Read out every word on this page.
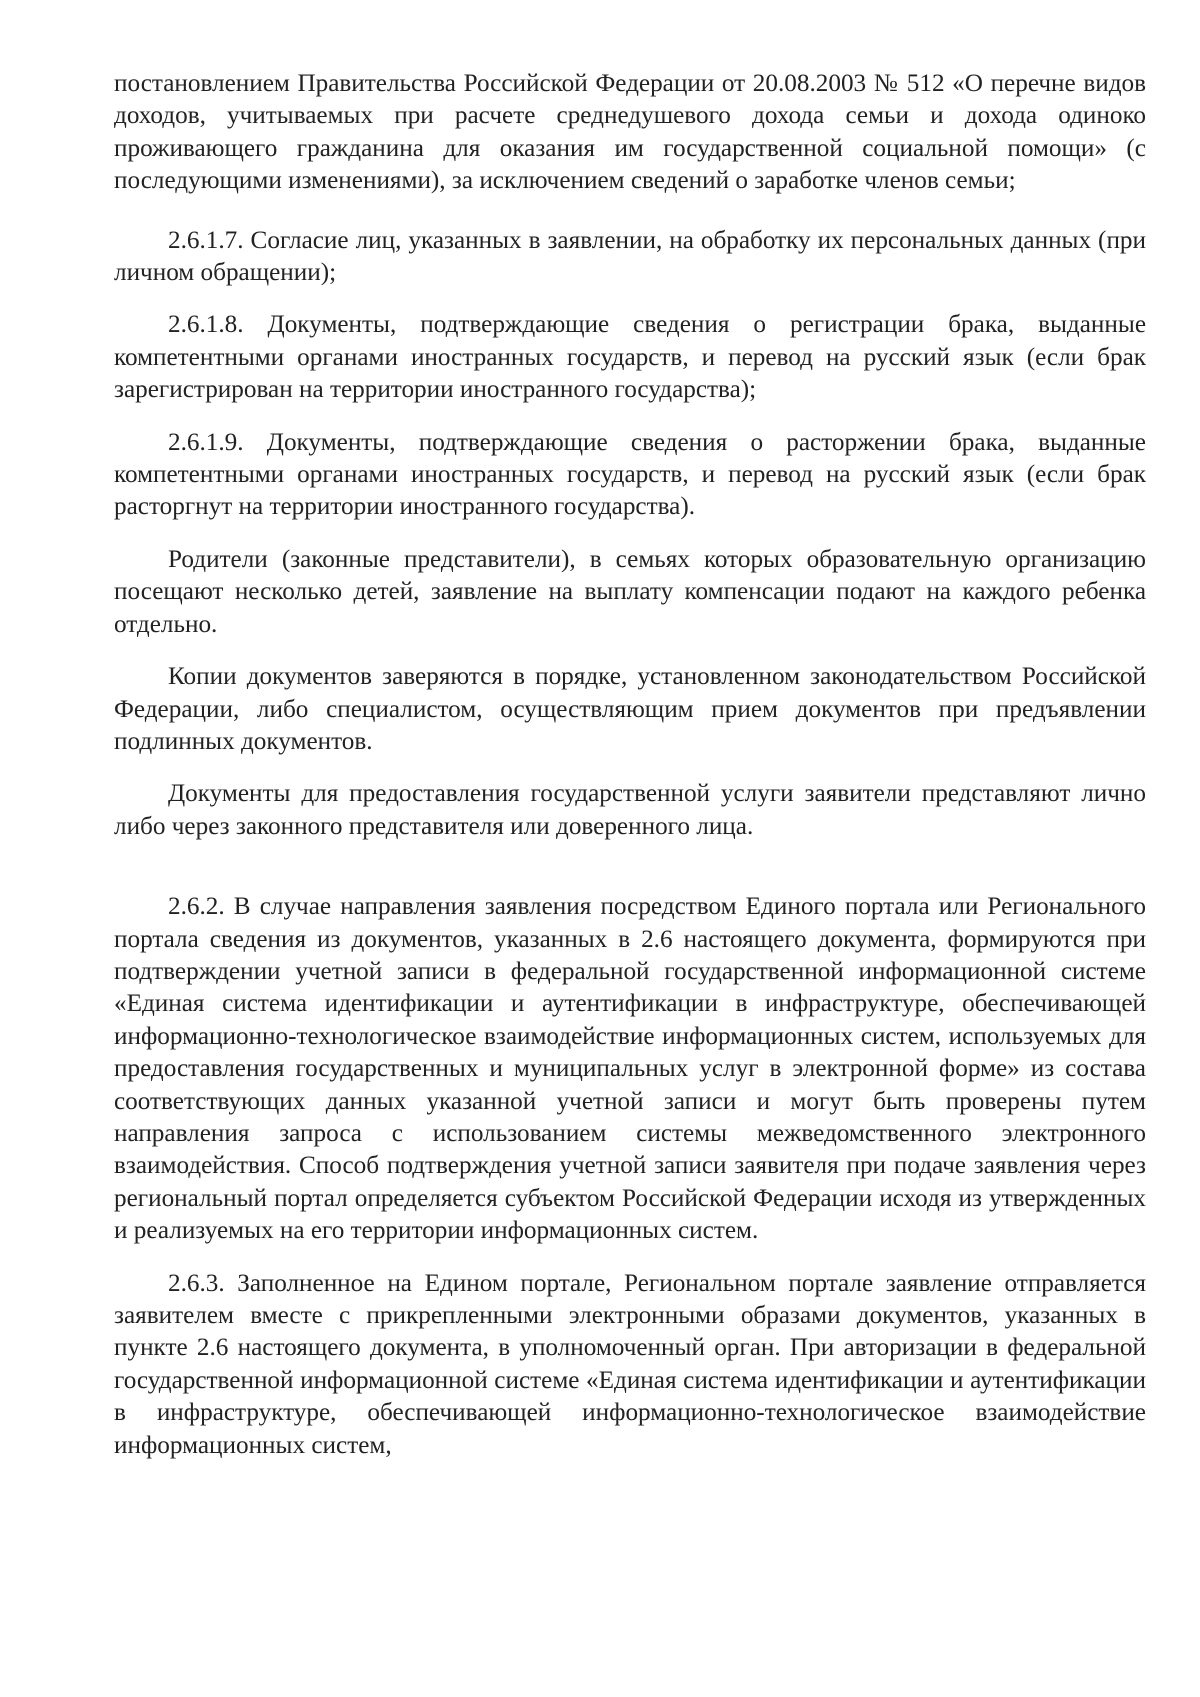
постановлением Правительства Российской Федерации от 20.08.2003 № 512 «О перечне видов доходов, учитываемых при расчете среднедушевого дохода семьи и дохода одиноко проживающего гражданина для оказания им государственной социальной помощи» (с последующими изменениями), за исключением сведений о заработке членов семьи;

2.6.1.7. Согласие лиц, указанных в заявлении, на обработку их персональных данных (при личном обращении);

2.6.1.8. Документы, подтверждающие сведения о регистрации брака, выданные компетентными органами иностранных государств, и перевод на русский язык (если брак зарегистрирован на территории иностранного государства);

2.6.1.9. Документы, подтверждающие сведения о расторжении брака, выданные компетентными органами иностранных государств, и перевод на русский язык (если брак расторгнут на территории иностранного государства).

Родители (законные представители), в семьях которых образовательную организацию посещают несколько детей, заявление на выплату компенсации подают на каждого ребенка отдельно.

Копии документов заверяются в порядке, установленном законодательством Российской Федерации, либо специалистом, осуществляющим прием документов при предъявлении подлинных документов.

Документы для предоставления государственной услуги заявители представляют лично либо через законного представителя или доверенного лица.

2.6.2. В случае направления заявления посредством Единого портала или Регионального портала сведения из документов, указанных в 2.6 настоящего документа, формируются при подтверждении учетной записи в федеральной государственной информационной системе «Единая система идентификации и аутентификации в инфраструктуре, обеспечивающей информационно-технологическое взаимодействие информационных систем, используемых для предоставления государственных и муниципальных услуг в электронной форме» из состава соответствующих данных указанной учетной записи и могут быть проверены путем направления запроса с использованием системы межведомственного электронного взаимодействия. Способ подтверждения учетной записи заявителя при подаче заявления через региональный портал определяется субъектом Российской Федерации исходя из утвержденных и реализуемых на его территории информационных систем.

2.6.3. Заполненное на Едином портале, Региональном портале заявление отправляется заявителем вместе с прикрепленными электронными образами документов, указанных в пункте 2.6 настоящего документа, в уполномоченный орган. При авторизации в федеральной государственной информационной системе «Единая система идентификации и аутентификации в инфраструктуре, обеспечивающей информационно-технологическое взаимодействие информационных систем,
